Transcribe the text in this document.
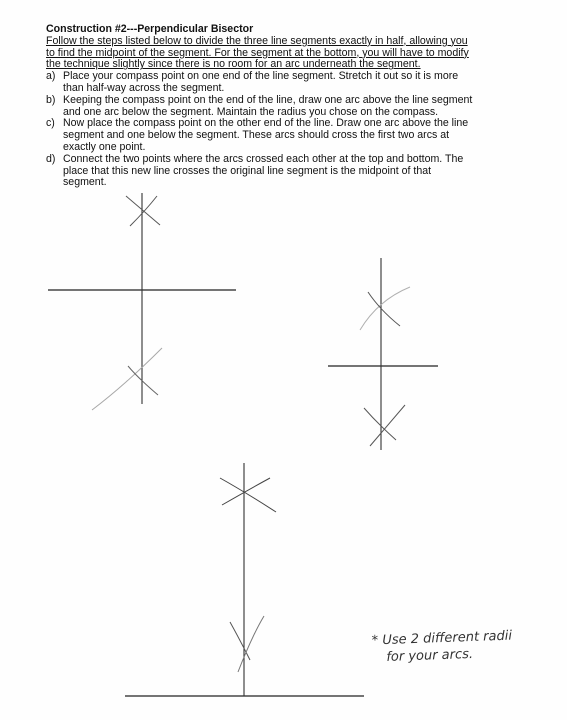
Construction #2---Perpendicular Bisector

Follow the steps listed below to divide the three line segments exactly in half, allowing you
to find the midpoint of the segment. For the segment at the bottom, you will have to modify
the technique slightly since there is no room for an arc underneath the segment.

a) Place your compass point on one end of the line segment. Stretch it out so it is more
than half-way across the segment.
b) Keeping the compass point on the end of the line, draw one arc above the line segment
and one arc below the segment. Maintain the radius you chose on the compass.
c) Now place the compass point on the other end of the line. Draw one arc above the line
segment and one below the segment. These arcs should cross the first two arcs at
exactly one point.
d) Connect the two points where the arcs crossed each other at the top and bottom. The
place that this new line crosses the original line segment is the midpoint of that
segment.
* Use 2 different radii
for your arcs.
